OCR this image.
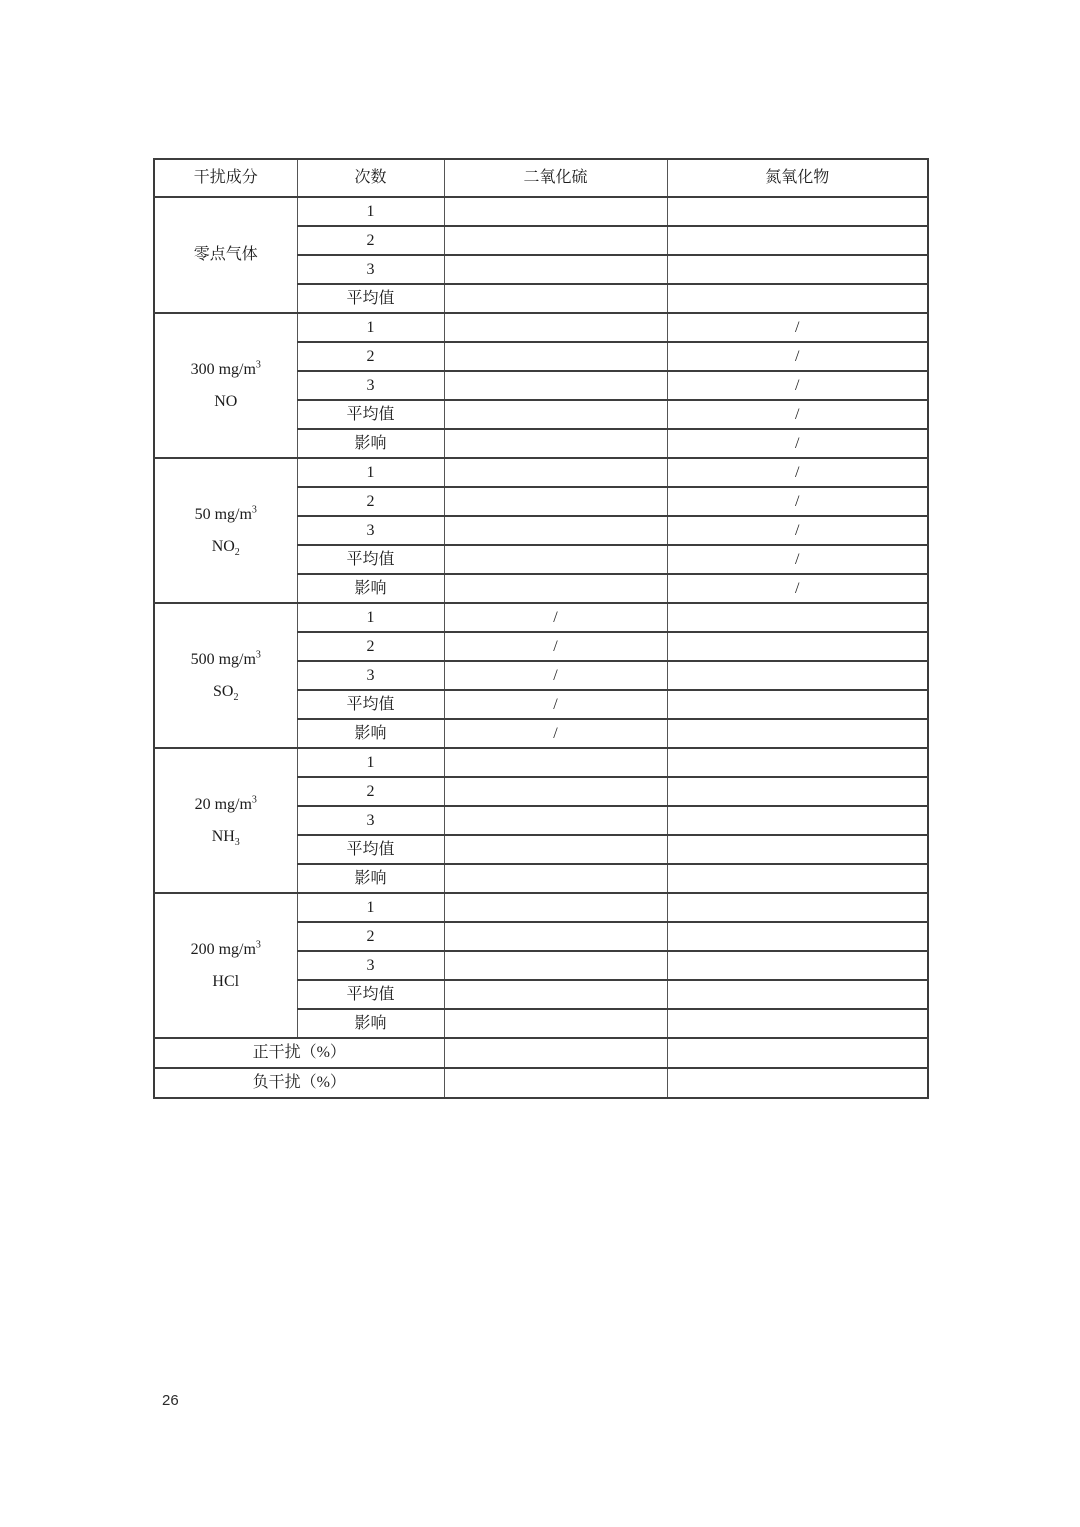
干扰成分	次数	二氧化硫	氮氧化物

零点气体	1		
	2		
	3		
	平均值		

300 $mg/m^3$
NO	1		/
	2		/
	3		/
	平均值		/
	影响		/

50 $mg/m^3$
$NO_2$	1		/
	2		/
	3		/
	平均值		/
	影响		/

500 $mg/m^3$
$SO_2$	1	/	
	2	/	
	3	/	
	平均值	/	
	影响	/	

20 $mg/m^3$
$NH_3$	1		
	2		
	3		
	平均值		
	影响		

200 $mg/m^3$
HCl	1		
	2		
	3		
	平均值		
	影响		
正干扰（%）			
负干扰（%）			
26
